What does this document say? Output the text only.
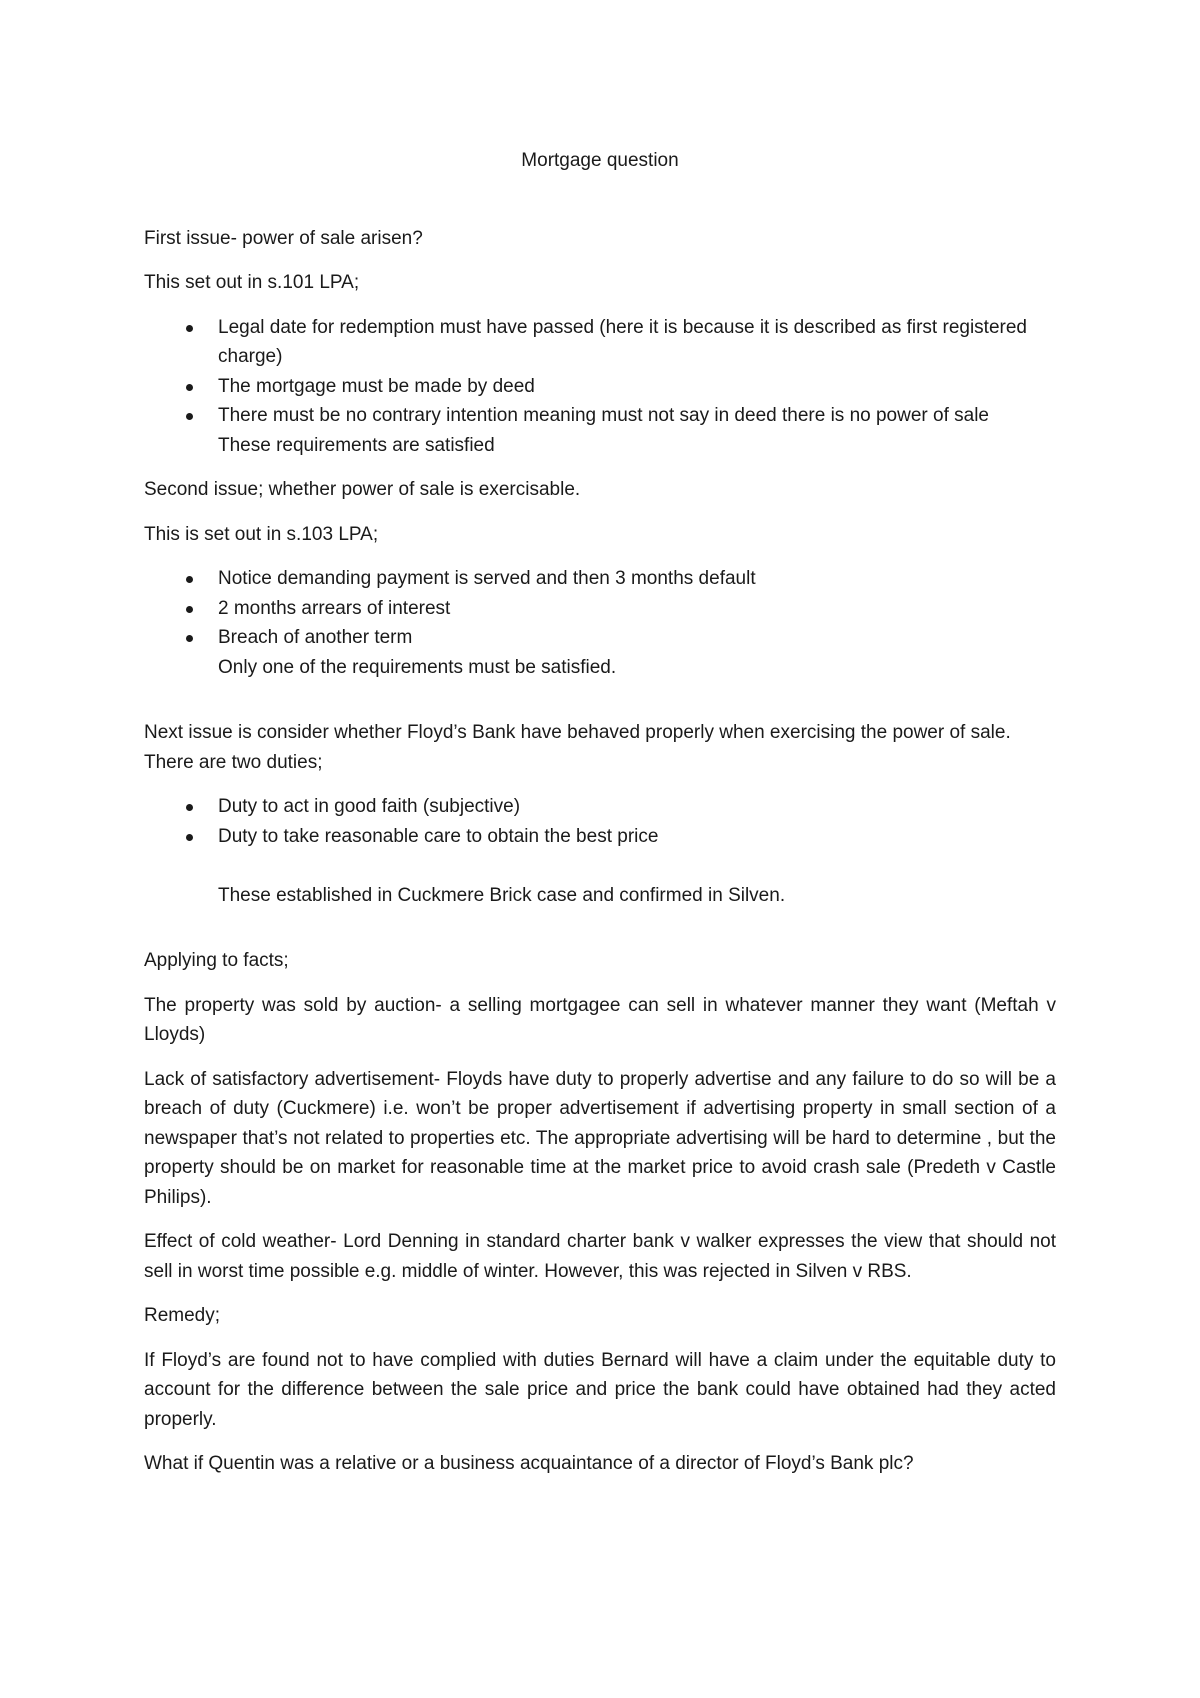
Mortgage question

First issue- power of sale arisen?

This set out in s.101 LPA;

Legal date for redemption must have passed (here it is because it is described as first registered charge)
The mortgage must be made by deed
There must be no contrary intention meaning must not say in deed there is no power of sale

These requirements are satisfied

Second issue; whether power of sale is exercisable.

This is set out in s.103 LPA;

Notice demanding payment is served and then 3 months default
2 months arrears of interest
Breach of another term

Only one of the requirements must be satisfied.

Next issue is consider whether Floyd’s Bank have behaved properly when exercising the power of sale. There are two duties;

Duty to act in good faith (subjective)
Duty to take reasonable care to obtain the best price

These established in Cuckmere Brick case and confirmed in Silven.

Applying to facts;

The property was sold by auction- a selling mortgagee can sell in whatever manner they want (Meftah v Lloyds)

Lack of satisfactory advertisement- Floyds have duty to properly advertise and any failure to do so will be a breach of duty (Cuckmere) i.e. won’t be proper advertisement if advertising property in small section of a newspaper that’s not related to properties etc. The appropriate advertising will be hard to determine , but the property should be on market for reasonable time at the market price to avoid crash sale (Predeth v Castle Philips).

Effect of cold weather- Lord Denning in standard charter bank v walker expresses the view that should not sell in worst time possible e.g. middle of winter. However, this was rejected in Silven v RBS.

Remedy;

If Floyd’s are found not to have complied with duties Bernard will have a claim under the equitable duty to account for the difference between the sale price and price the bank could have obtained had they acted properly.

What if Quentin was a relative or a business acquaintance of a director of Floyd’s Bank plc?
